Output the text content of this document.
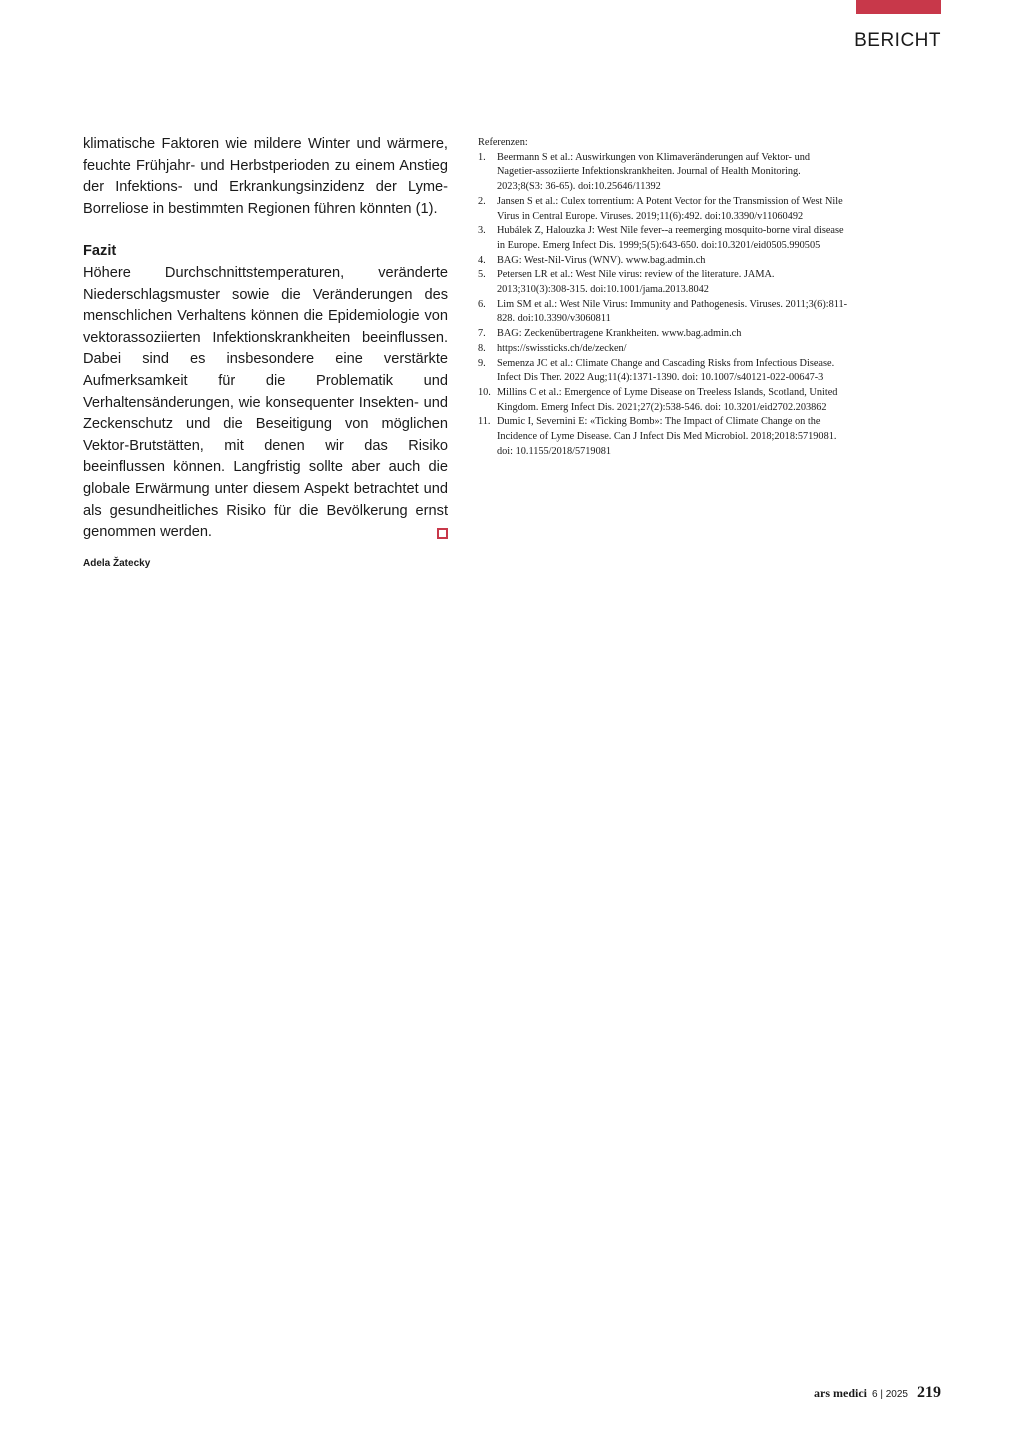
BERICHT

klimatische Faktoren wie mildere Winter und wärmere, feuchte Frühjahr- und Herbstperioden zu einem Anstieg der Infektions- und Erkrankungsinzidenz der Lyme-Borreliose in bestimmten Regionen führen könnten (1).

Fazit

Höhere Durchschnittstemperaturen, veränderte Niederschlagsmuster sowie die Veränderungen des menschlichen Verhaltens können die Epidemiologie von vektorassoziierten Infektionskrankheiten beeinflussen. Dabei sind es insbesondere eine verstärkte Aufmerksamkeit für die Problematik und Verhaltensänderungen, wie konsequenter Insekten- und Zeckenschutz und die Beseitigung von möglichen Vektor-Brutstätten, mit denen wir das Risiko beeinflussen können. Langfristig sollte aber auch die globale Erwärmung unter diesem Aspekt betrachtet und als gesundheitliches Risiko für die Bevölkerung ernst genommen werden.

Adela Žatecky

Referenzen:

1.	Beermann S et al.: Auswirkungen von Klimaveränderungen auf Vektor- und Nagetier-assoziierte Infektionskrankheiten. Journal of Health Monitoring. 2023;8(S3: 36-65). doi:10.25646/11392
2.	Jansen S et al.: Culex torrentium: A Potent Vector for the Transmission of West Nile Virus in Central Europe. Viruses. 2019;11(6):492. doi:10.3390/v11060492
3.	Hubálek Z, Halouzka J: West Nile fever--a reemerging mosquito-borne viral disease in Europe. Emerg Infect Dis. 1999;5(5):643-650. doi:10.3201/eid0505.990505
4.	BAG: West-Nil-Virus (WNV). www.bag.admin.ch
5.	Petersen LR et al.: West Nile virus: review of the literature. JAMA. 2013;310(3):308-315. doi:10.1001/jama.2013.8042
6.	Lim SM et al.: West Nile Virus: Immunity and Pathogenesis. Viruses. 2011;3(6):811-828. doi:10.3390/v3060811
7.	BAG: Zeckenübertragene Krankheiten. www.bag.admin.ch
8.	https://swissticks.ch/de/zecken/
9.	Semenza JC et al.: Climate Change and Cascading Risks from Infectious Disease. Infect Dis Ther. 2022 Aug;11(4):1371-1390. doi: 10.1007/s40121-022-00647-3
10. Millins C et al.: Emergence of Lyme Disease on Treeless Islands, Scotland, United Kingdom. Emerg Infect Dis. 2021;27(2):538-546. doi: 10.3201/eid2702.203862
11. Dumic I, Severnini E: «Ticking Bomb»: The Impact of Climate Change on the Incidence of Lyme Disease. Can J Infect Dis Med Microbiol. 2018;2018:5719081. doi: 10.1155/2018/5719081
ars medici 6 | 2025 219
